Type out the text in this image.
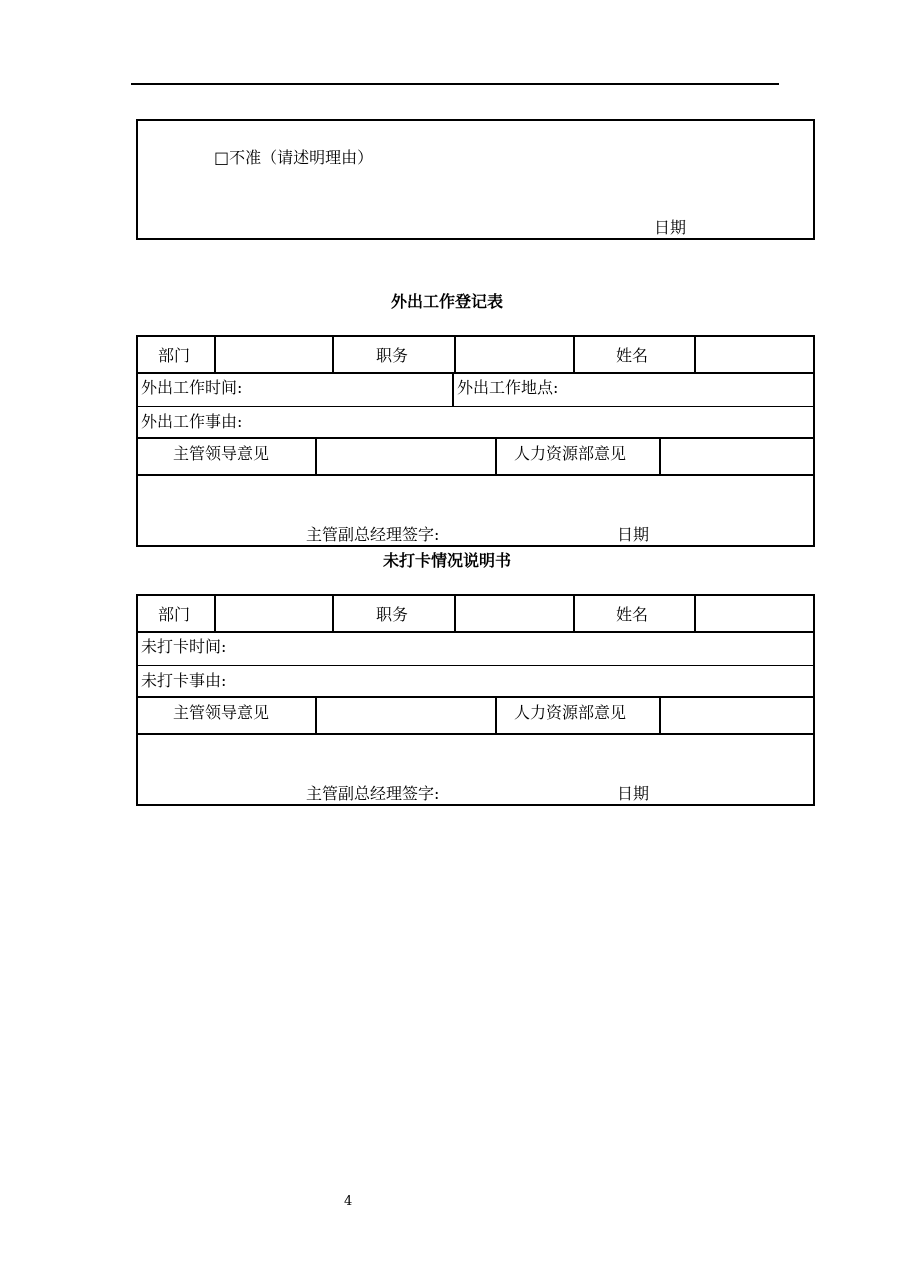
□不准（请述明理由）
日期
外出工作登记表
部门	职务	姓名
外出工作时间:	外出工作地点:
外出工作事由:
主管领导意见	人力资源部意见
主管副总经理签字:	日期
未打卡情况说明书
部门	职务	姓名
未打卡时间:
未打卡事由:
主管领导意见	人力资源部意见
主管副总经理签字:	日期
4
